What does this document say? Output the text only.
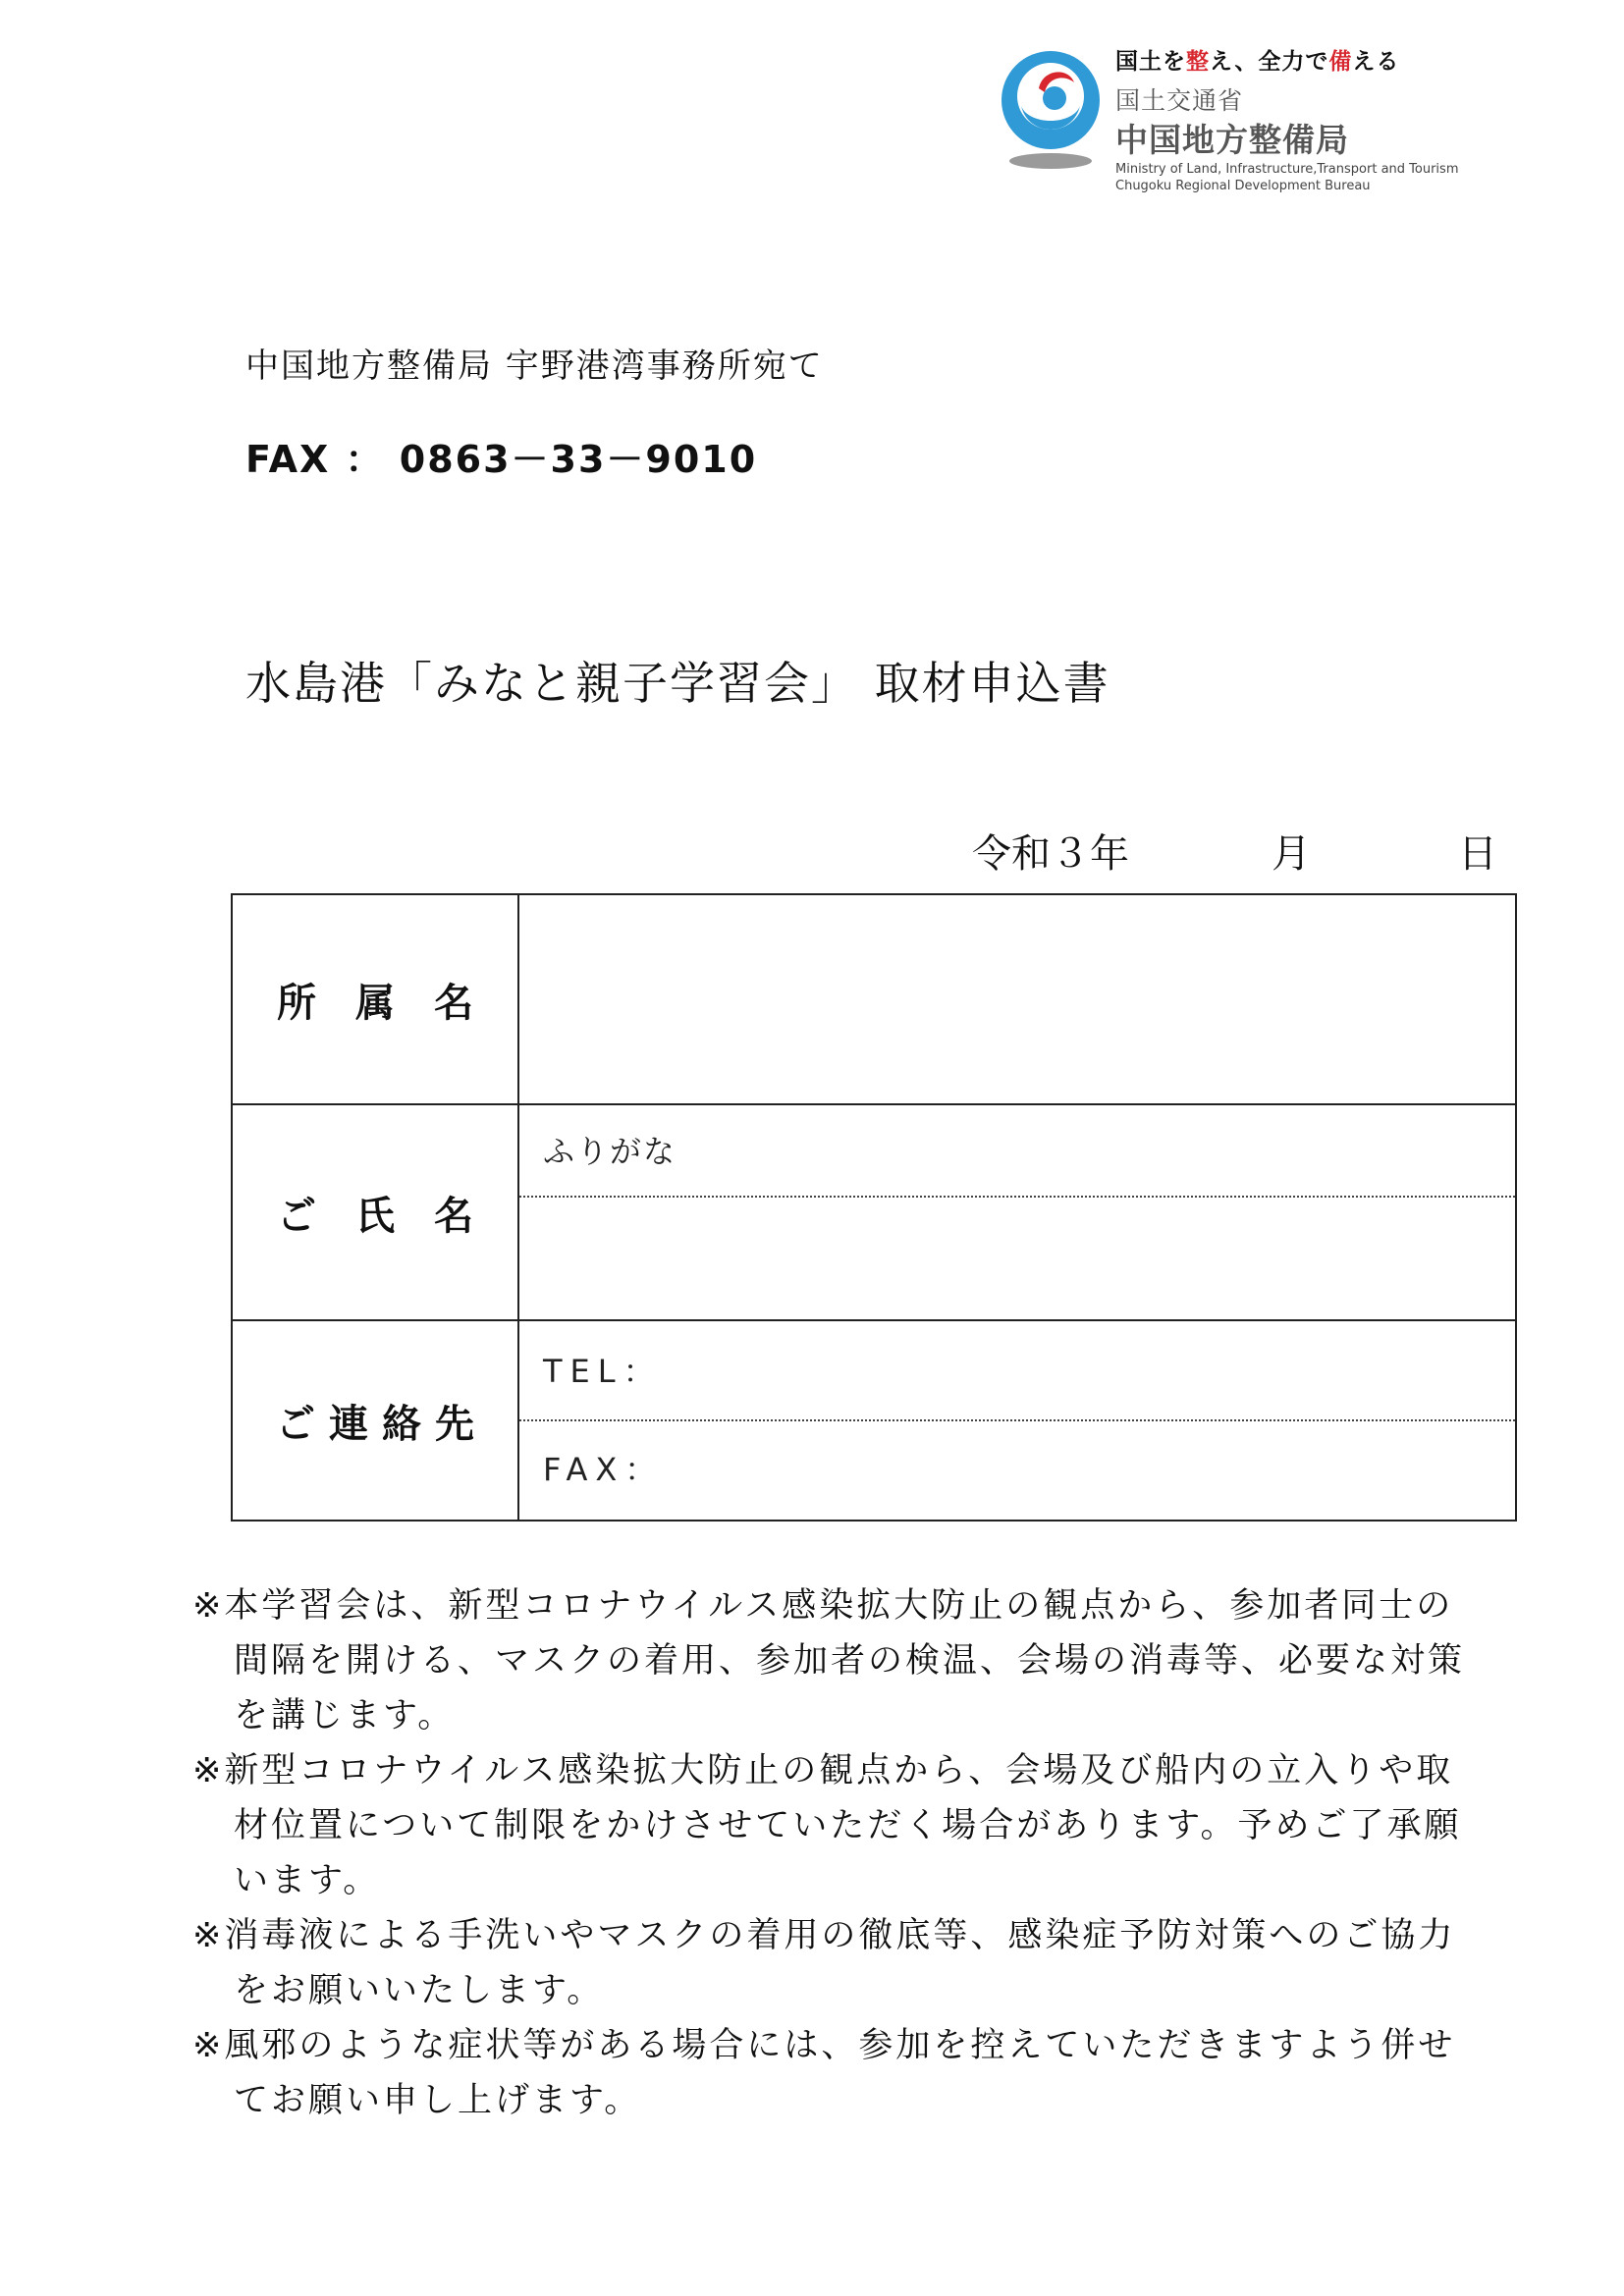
国土を整え、全力で備える
国土交通省
中国地方整備局
Ministry of Land, Infrastructure,Transport and Tourism
Chugoku Regional Development Bureau
中国地方整備局 宇野港湾事務所宛て
FAX ： 0863－33－9010
水島港「みなと親子学習会」 取材申込書
令和３年	月	日
所属名
ご氏名
ふりがな
ご連絡先
TEL：
FAX：

※本学習会は、新型コロナウイルス感染拡大防止の観点から、参加者同士の間隔を開ける、マスクの着用、参加者の検温、会場の消毒等、必要な対策を講じます。

※新型コロナウイルス感染拡大防止の観点から、会場及び船内の立入りや取材位置について制限をかけさせていただく場合があります。予めご了承願います。

※消毒液による手洗いやマスクの着用の徹底等、感染症予防対策へのご協力をお願いいたします。

※風邪のような症状等がある場合には、参加を控えていただきますよう併せてお願い申し上げます。
